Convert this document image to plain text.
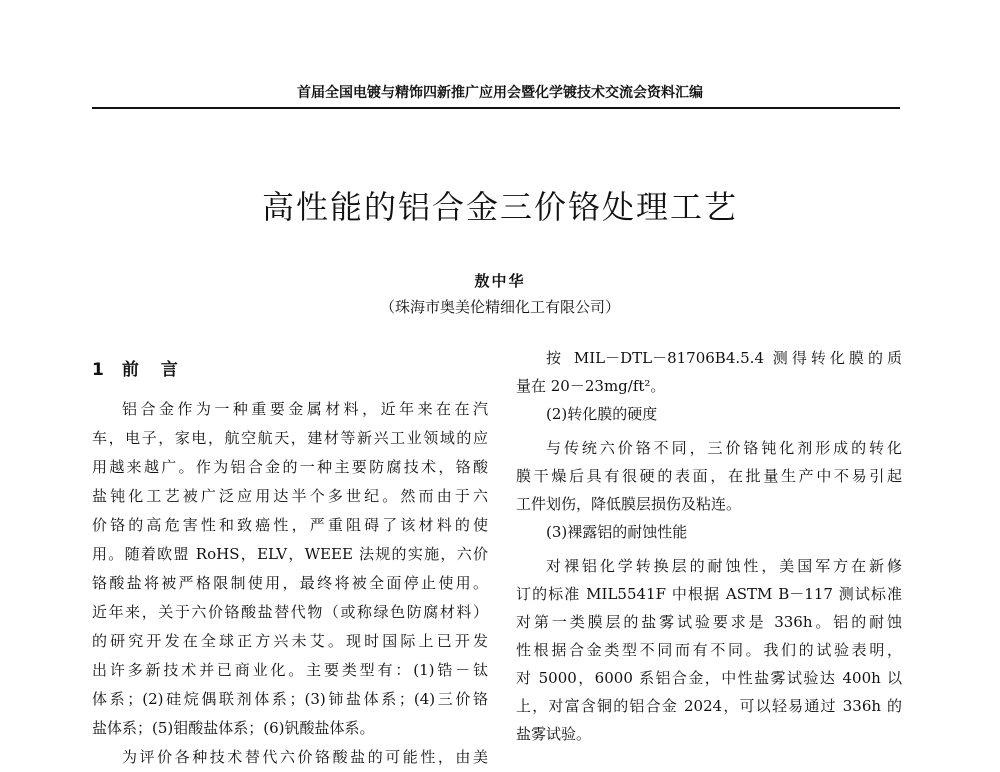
首届全国电镀与精饰四新推广应用会暨化学镀技术交流会资料汇编
高性能的铝合金三价铬处理工艺
敖中华
（珠海市奥美伦精细化工有限公司）
1 前言
铝合金作为一种重要金属材料，近年来在在汽
车，电子，家电，航空航天，建材等新兴工业领域的应
用越来越广。作为铝合金的一种主要防腐技术，铬酸
盐钝化工艺被广泛应用达半个多世纪。然而由于六
价铬的高危害性和致癌性，严重阻碍了该材料的使
用。随着欧盟 RoHS，ELV，WEEE 法规的实施，六价
铬酸盐将被严格限制使用，最终将被全面停止使用。
近年来，关于六价铬酸盐替代物（或称绿色防腐材料）
的研究开发在全球正方兴未艾。现时国际上已开发
出许多新技术并已商业化。主要类型有：(1)锆－钛
体系；(2)硅烷偶联剂体系；(3)铈盐体系；(4)三价铬
盐体系；(5)钼酸盐体系；(6)钒酸盐体系。
为评价各种技术替代六价铬酸盐的可能性，由美
按 MIL－DTL－81706B4.5.4 测得转化膜的质
量在 20－23mg/ft²。
(2)转化膜的硬度
与传统六价铬不同，三价铬钝化剂形成的转化
膜干燥后具有很硬的表面，在批量生产中不易引起
工件划伤，降低膜层损伤及粘连。
(3)裸露铝的耐蚀性能
对裸铝化学转换层的耐蚀性，美国军方在新修
订的标准 MIL5541F 中根据 ASTM B－117 测试标准
对第一类膜层的盐雾试验要求是 336h。铝的耐蚀
性根据合金类型不同而有不同。我们的试验表明，
对 5000，6000 系铝合金，中性盐雾试验达 400h 以
上，对富含铜的铝合金 2024，可以轻易通过 336h 的
盐雾试验。
